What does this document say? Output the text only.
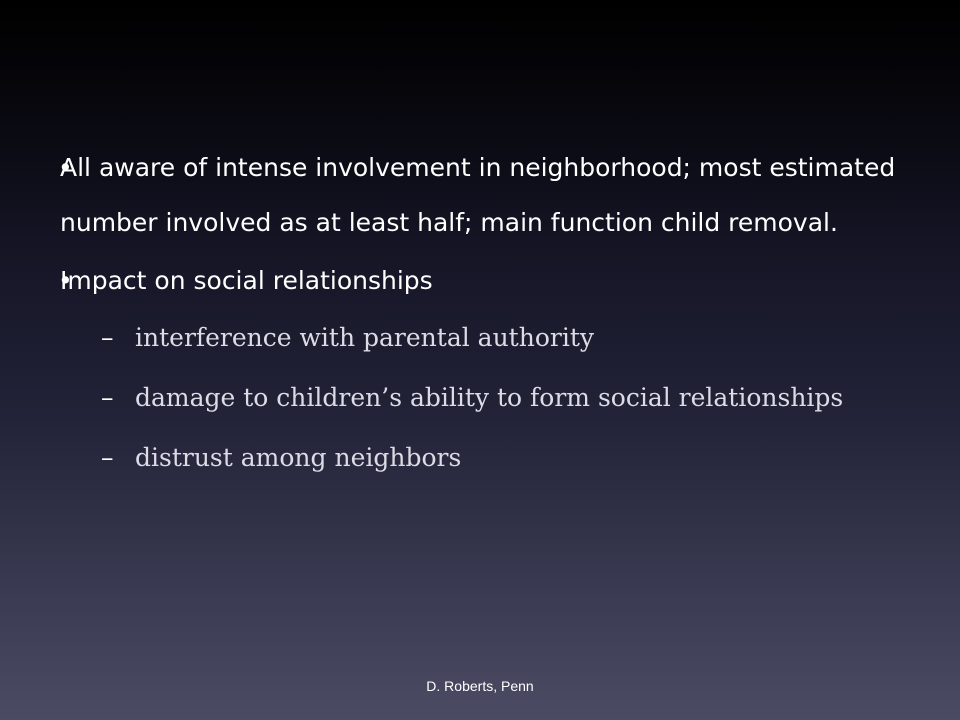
All aware of intense involvement in neighborhood; most estimated number involved as at least half; main function child removal.

Impact on social relationships

– interference with parental authority

– damage to children’s ability to form social relationships

– distrust among neighbors

D. Roberts, Penn
